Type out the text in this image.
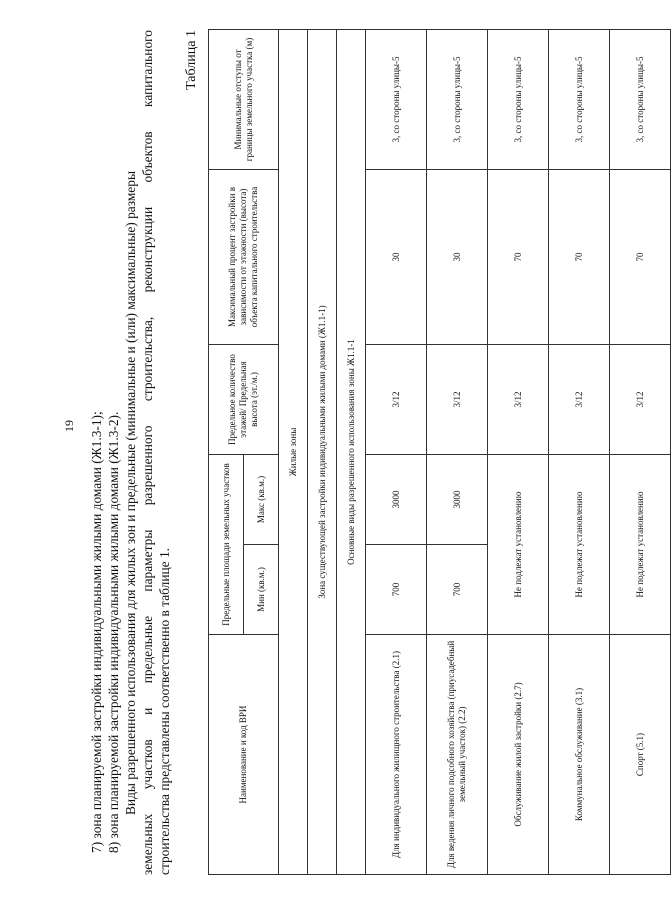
19 7) зона планируемой застройки индивидуальными жилыми домами (Ж1.3-1); 8) зона планируемой застройки индивидуальными жилыми домами (Ж1.3-2). Виды разрешенного использования для жилых зон и предельные (минимальные и (или) максимальные) размеры земельных участков и предельные параметры разрешенного строительства, реконструкции объектов капитального строительства представлены соответственно в таблице 1.
Таблица 1
Наименование и код ВРИ	Предельные площади земельных участков		Предельное количество этажей/ Предельная высота (эт./м.)	Максимальный процент застройки в зависимости от этажности (высота) объекта капитального строительства	Минимальные отступы от границы земельного участка (м)
	Мин (кв.м.)	Макс (кв.м.)			
Жилые зоны					
Зона существующей застройки индивидуальными жилыми домами (Ж1.1-1)					
Основные виды разрешенного использования зоны Ж1.1-1					
Для индивидуального жилищного строительства (2.1)	700	3000	3/12	30	3, со стороны улицы-5
Для ведения личного подсобного хозяйства (приусадебный земельный участок) (2.2)	700	3000	3/12	30	3, со стороны улицы-5
Обслуживание жилой застройки (2.7)	Не подлежат установлению		3/12	70	3, со стороны улицы-5
Коммунальное обслуживание (3.1)	Не подлежат установлению		3/12	70	3, со стороны улицы-5
Спорт (5.1)	Не подлежат установлению		3/12	70	3, со стороны улицы-5
